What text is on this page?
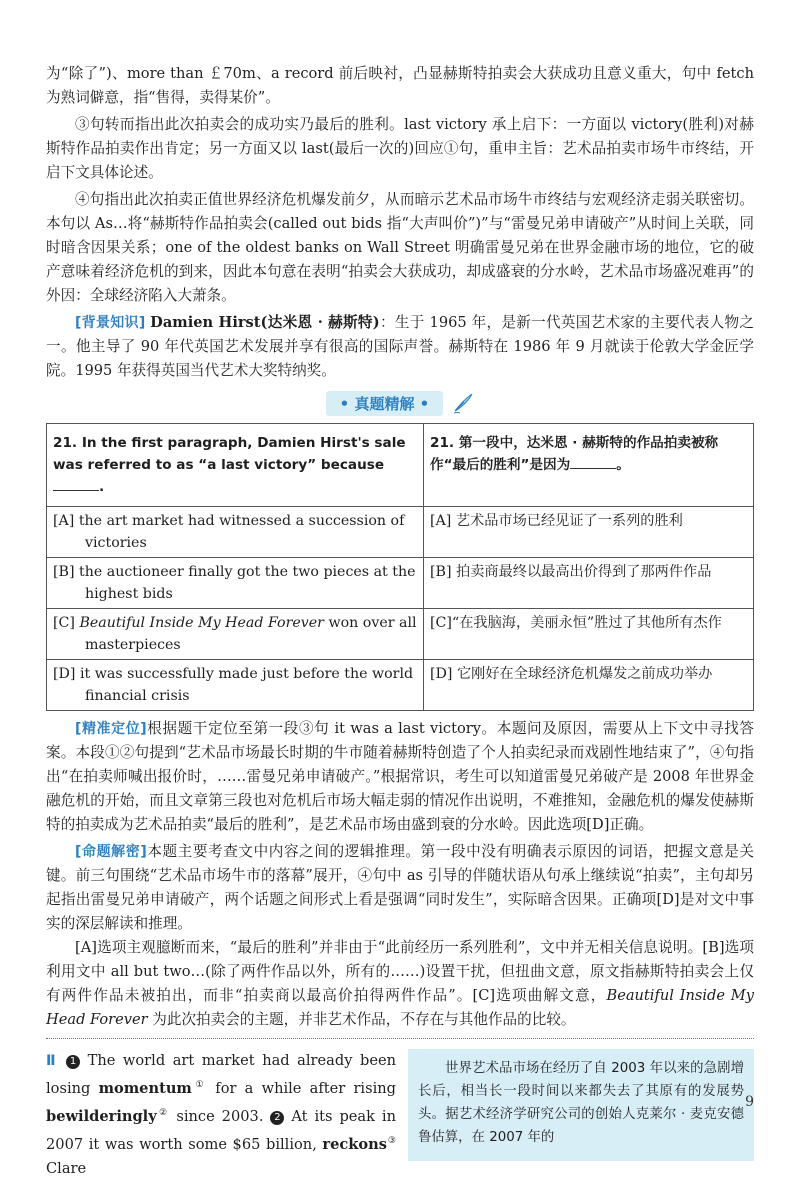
为“除了”)、more than ￡70m、a record 前后映衬，凸显赫斯特拍卖会大获成功且意义重大，句中 fetch 为熟词僻意，指“售得，卖得某价”。

③句转而指出此次拍卖会的成功实乃最后的胜利。last victory 承上启下：一方面以 victory(胜利)对赫斯特作品拍卖作出肯定；另一方面又以 last(最后一次的)回应①句，重申主旨：艺术品拍卖市场牛市终结，开启下文具体论述。

④句指出此次拍卖正值世界经济危机爆发前夕，从而暗示艺术品市场牛市终结与宏观经济走弱关联密切。本句以 As…将“赫斯特作品拍卖会(called out bids 指“大声叫价”)”与“雷曼兄弟申请破产”从时间上关联，同时暗含因果关系；one of the oldest banks on Wall Street 明确雷曼兄弟在世界金融市场的地位，它的破产意味着经济危机的到来，因此本句意在表明“拍卖会大获成功，却成盛衰的分水岭，艺术品市场盛况难再”的外因：全球经济陷入大萧条。

[背景知识] Damien Hirst(达米恩 · 赫斯特)：生于 1965 年，是新一代英国艺术家的主要代表人物之一。他主导了 90 年代英国艺术发展并享有很高的国际声誉。赫斯特在 1986 年 9 月就读于伦敦大学金匠学院。1995 年获得英国当代艺术大奖特纳奖。

• 真题精解 •
21. In the first paragraph, Damien Hirst's sale was referred to as “a last victory” because .	21. 第一段中，达米恩 · 赫斯特的作品拍卖被称作“最后的胜利”是因为 。

[A] the art market had witnessed a succession of victories	[A] 艺术品市场已经见证了一系列的胜利

[B] the auctioneer finally got the two pieces at the highest bids	[B] 拍卖商最终以最高出价得到了那两件作品

[C] Beautiful Inside My Head Forever won over all masterpieces	[C]“在我脑海，美丽永恒”胜过了其他所有杰作

[D] it was successfully made just before the world financial crisis	[D] 它刚好在全球经济危机爆发之前成功举办

[精准定位]根据题干定位至第一段③句 it was a last victory。本题问及原因，需要从上下文中寻找答案。本段①②句提到“艺术品市场最长时期的牛市随着赫斯特创造了个人拍卖纪录而戏剧性地结束了”，④句指出“在拍卖师喊出报价时，……雷曼兄弟申请破产。”根据常识，考生可以知道雷曼兄弟破产是 2008 年世界金融危机的开始，而且文章第三段也对危机后市场大幅走弱的情况作出说明，不难推知，金融危机的爆发使赫斯特的拍卖成为艺术品拍卖“最后的胜利”，是艺术品市场由盛到衰的分水岭。因此选项[D]正确。

[命题解密]本题主要考查文中内容之间的逻辑推理。第一段中没有明确表示原因的词语，把握文意是关键。前三句围绕“艺术品市场牛市的落幕”展开，④句中 as 引导的伴随状语从句承上继续说“拍卖”，主句却另起指出雷曼兄弟申请破产，两个话题之间形式上看是强调“同时发生”，实际暗含因果。正确项[D]是对文中事实的深层解读和推理。

[A]选项主观臆断而来，“最后的胜利”并非由于“此前经历一系列胜利”，文中并无相关信息说明。[B]选项利用文中 all but two…(除了两件作品以外，所有的……)设置干扰，但扭曲文意，原文指赫斯特拍卖会上仅有两件作品未被拍出，而非“拍卖商以最高价拍得两件作品”。[C]选项曲解文意，Beautiful Inside My Head Forever 为此次拍卖会的主题，并非艺术作品，不存在与其他作品的比较。

Ⅱ 1 The world art market had already been losing momentum① for a while after rising bewilderingly② since 2003. 2 At its peak in 2007 it was worth some $65 billion, reckons③ Clare
世界艺术品市场在经历了自 2003 年以来的急剧增长后，相当长一段时间以来都失去了其原有的发展势头。据艺术经济学研究公司的创始人克莱尔 · 麦克安德鲁估算，在 2007 年的
9
